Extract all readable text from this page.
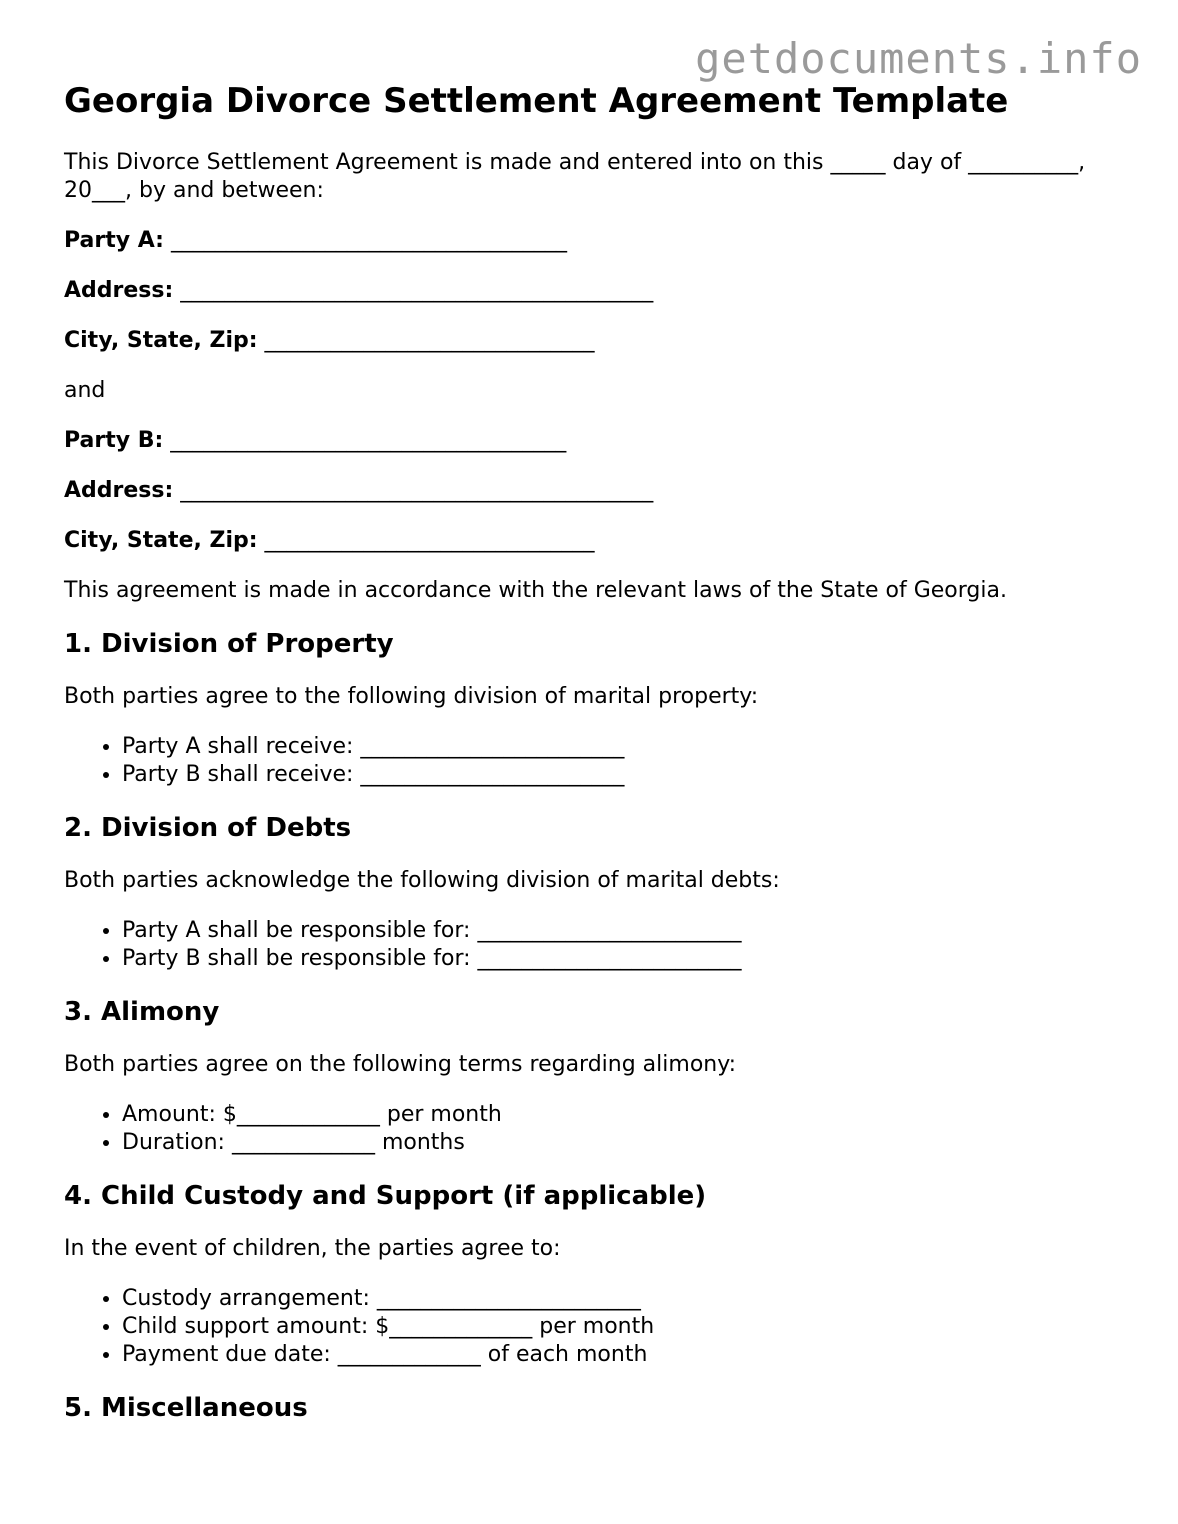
getdocuments.info
Georgia Divorce Settlement Agreement Template

This Divorce Settlement Agreement is made and entered into on this _____ day of __________, 20___, by and between:

Party A: ____________________________________
Address: ___________________________________________
City, State, Zip: ______________________________

and

Party B: ____________________________________
Address: ___________________________________________
City, State, Zip: ______________________________

This agreement is made in accordance with the relevant laws of the State of Georgia.

1. Division of Property

Both parties agree to the following division of marital property:

• Party A shall receive: ________________________
• Party B shall receive: ________________________
2. Division of Debts

Both parties acknowledge the following division of marital debts:

• Party A shall be responsible for: ________________________
• Party B shall be responsible for: ________________________
3. Alimony

Both parties agree on the following terms regarding alimony:

• Amount: $_____________ per month
• Duration: _____________ months
4. Child Custody and Support (if applicable)

In the event of children, the parties agree to:

• Custody arrangement: ________________________
• Child support amount: $_____________ per month
• Payment due date: _____________ of each month
5. Miscellaneous
